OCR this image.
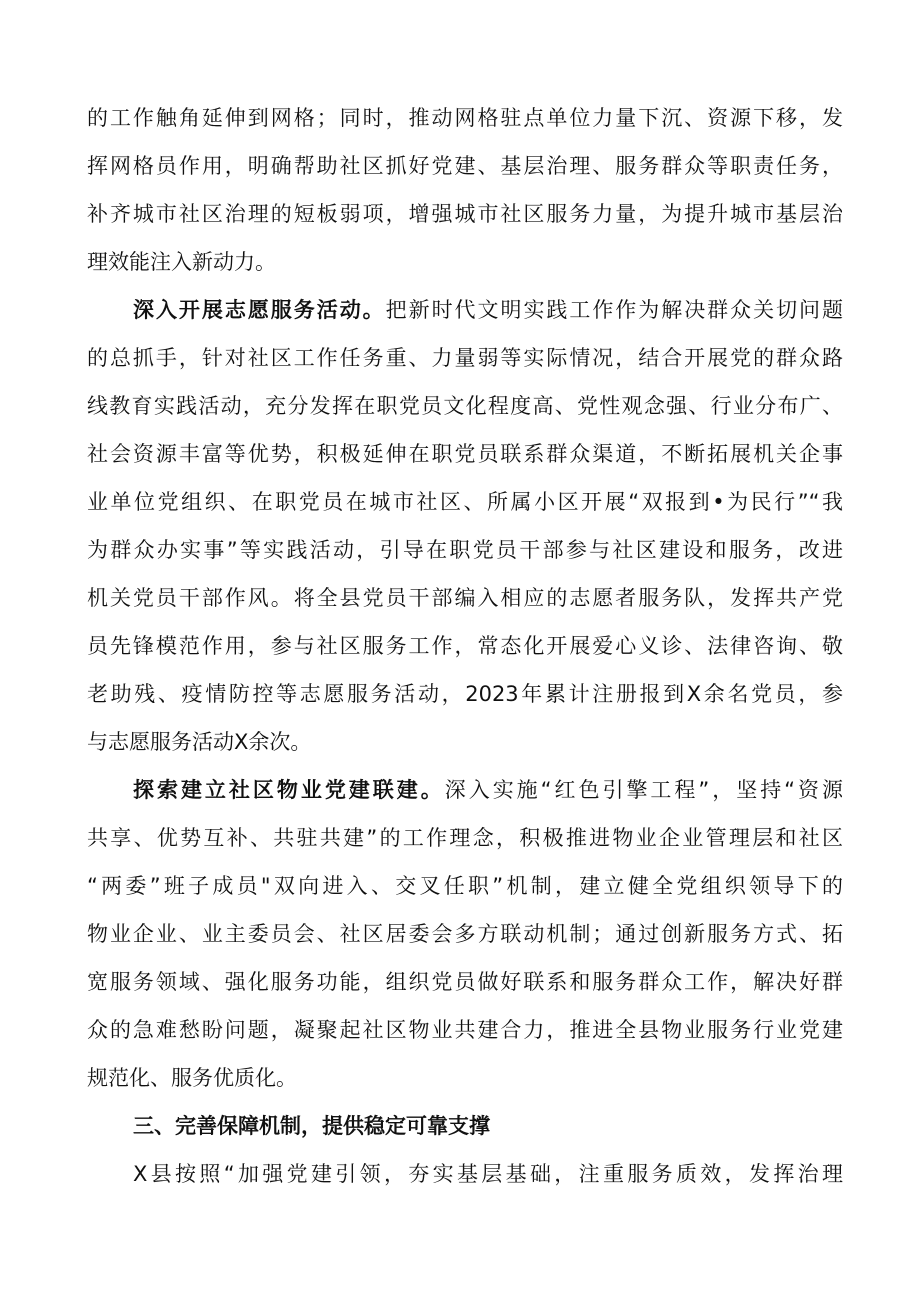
的工作触角延伸到网格；同时，推动网格驻点单位力量下沉、资源下移，发
挥网格员作用，明确帮助社区抓好党建、基层治理、服务群众等职责任务，
补齐城市社区治理的短板弱项，增强城市社区服务力量，为提升城市基层治
理效能注入新动力。
深入开展志愿服务活动。把新时代文明实践工作作为解决群众关切问题
的总抓手，针对社区工作任务重、力量弱等实际情况，结合开展党的群众路
线教育实践活动，充分发挥在职党员文化程度高、党性观念强、行业分布广、
社会资源丰富等优势，积极延伸在职党员联系群众渠道，不断拓展机关企事
业单位党组织、在职党员在城市社区、所属小区开展“双报到•为民行”“我
为群众办实事”等实践活动，引导在职党员干部参与社区建设和服务，改进
机关党员干部作风。将全县党员干部编入相应的志愿者服务队，发挥共产党
员先锋模范作用，参与社区服务工作，常态化开展爱心义诊、法律咨询、敬
老助残、疫情防控等志愿服务活动，2023年累计注册报到X余名党员，参
与志愿服务活动X余次。
探索建立社区物业党建联建。深入实施“红色引擎工程”，坚持“资源
共享、优势互补、共驻共建”的工作理念，积极推进物业企业管理层和社区
“两委”班子成员"双向进入、交叉任职”机制，建立健全党组织领导下的
物业企业、业主委员会、社区居委会多方联动机制；通过创新服务方式、拓
宽服务领域、强化服务功能，组织党员做好联系和服务群众工作，解决好群
众的急难愁盼问题，凝聚起社区物业共建合力，推进全县物业服务行业党建
规范化、服务优质化。
三、完善保障机制，提供稳定可靠支撑
X县按照“加强党建引领，夯实基层基础，注重服务质效，发挥治理
